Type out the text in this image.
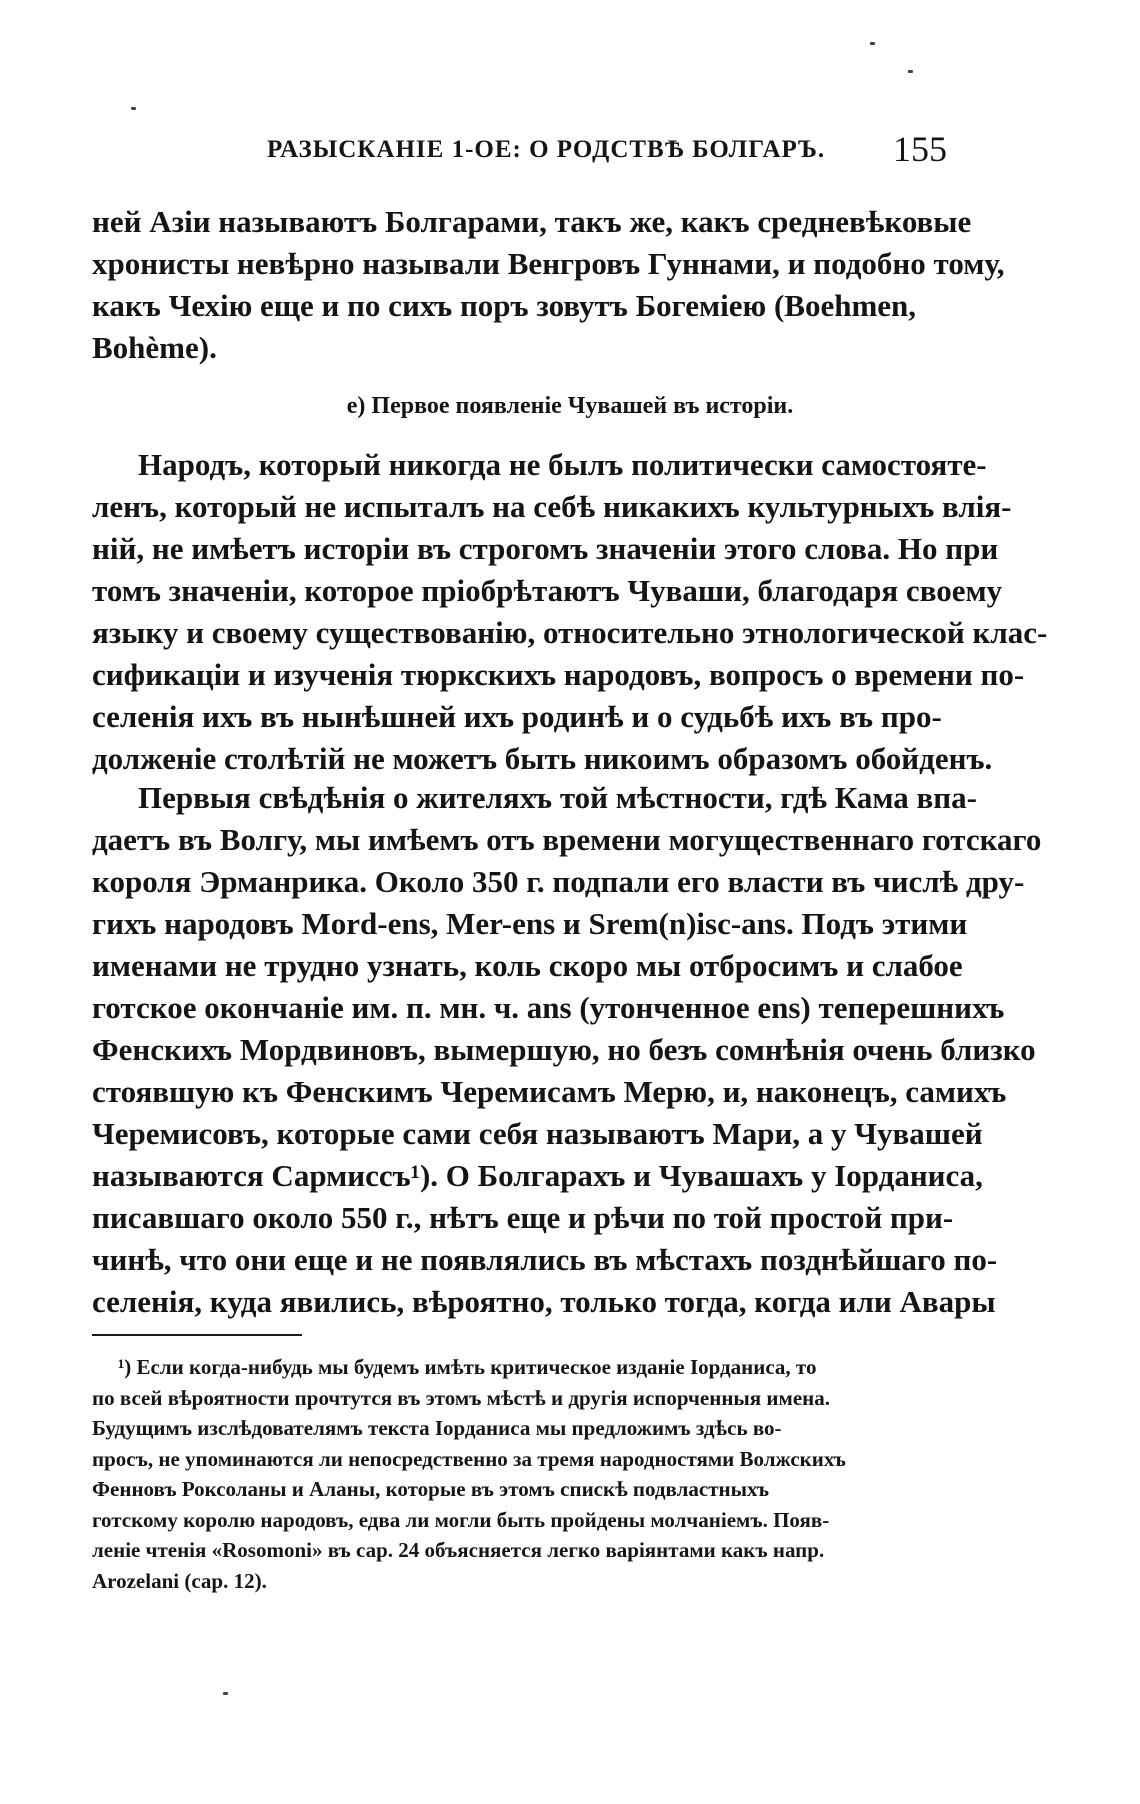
РАЗЫСКАНІЕ 1-ОЕ: О РОДСТВѢ БОЛГАРЪ. 155
ней Азіи называютъ Болгарами, такъ же, какъ средневѣковые
хронисты невѣрно называли Венгровъ Гуннами, и подобно тому,
какъ Чехію еще и по сихъ поръ зовутъ Богеміею (Boehmen,
Bohème).
e) Первое появленіе Чувашей въ исторіи.
Народъ, который никогда не былъ политически самостояте-
ленъ, который не испыталъ на себѣ никакихъ культурныхъ влія-
ній, не имѣетъ исторіи въ строгомъ значеніи этого слова. Но при
томъ значеніи, которое пріобрѣтаютъ Чуваши, благодаря своему
языку и своему существованію, относительно этнологической клас-
сификаціи и изученія тюркскихъ народовъ, вопросъ о времени по-
селенія ихъ въ нынѣшней ихъ родинѣ и о судьбѣ ихъ въ про-
долженіе столѣтій не можетъ быть никоимъ образомъ обойденъ.
Первыя свѣдѣнія о жителяхъ той мѣстности, гдѣ Кама впа-
даетъ въ Волгу, мы имѣемъ отъ времени могущественнаго готскаго
короля Эрманрика. Около 350 г. подпали его власти въ числѣ дру-
гихъ народовъ Mord-ens, Mer-ens и Srem(n)isc-ans. Подъ этими
именами не трудно узнать, коль скоро мы отбросимъ и слабое
готское окончаніе им. п. мн. ч. ans (утонченное ens) теперешнихъ
Фенскихъ Мордвиновъ, вымершую, но безъ сомнѣнія очень близко
стоявшую къ Фенскимъ Черемисамъ Мерю, и, наконецъ, самихъ
Черемисовъ, которые сами себя называютъ Мари, а у Чувашей
называются Сармиссъ¹). О Болгарахъ и Чувашахъ у Іорданиса,
писавшаго около 550 г., нѣтъ еще и рѣчи по той простой при-
чинѣ, что они еще и не появлялись въ мѣстахъ позднѣйшаго по-
селенія, куда явились, вѣроятно, только тогда, когда или Авары
¹) Если когда-нибудь мы будемъ имѣть критическое изданіе Іорданиса, то
по всей вѣроятности прочтутся въ этомъ мѣстѣ и другія испорченныя имена.
Будущимъ изслѣдователямъ текста Іорданиса мы предложимъ здѣсь во-
просъ, не упоминаются ли непосредственно за тремя народностями Волжскихъ
Фенновъ Роксоланы и Аланы, которые въ этомъ спискѣ подвластныхъ
готскому королю народовъ, едва ли могли быть пройдены молчаніемъ. Появ-
леніе чтенія «Rosomoni» въ сар. 24 объясняется легко варіянтами какъ напр.
Arozelani (сар. 12).
